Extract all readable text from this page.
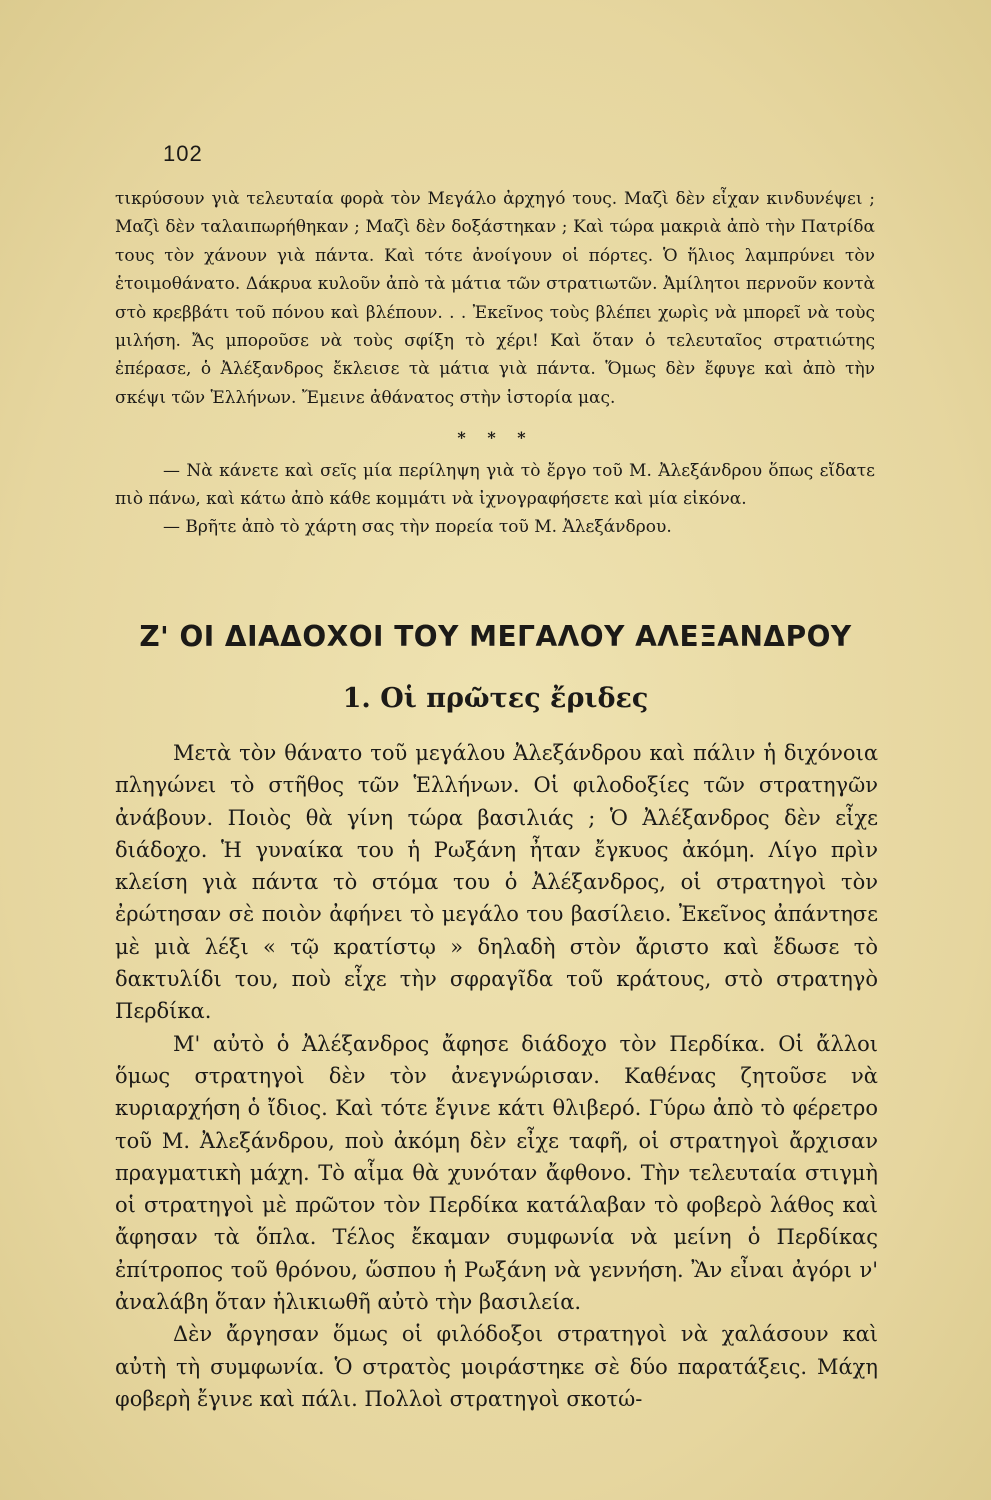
102

τικρύσουν γιὰ τελευταία φορὰ τὸν Μεγάλο ἀρχηγό τους. Μαζὶ δὲν εἶχαν κινδυνέψει ; Μαζὶ δὲν ταλαιπωρήθηκαν ; Μαζὶ δὲν δοξάστηκαν ; Καὶ τώρα μακριὰ ἀπὸ τὴν Πατρίδα τους τὸν χάνουν γιὰ πάντα. Καὶ τότε ἀνοίγουν οἱ πόρτες. Ὁ ἥλιος λαμπρύνει τὸν ἑτοιμοθάνατο. Δάκρυα κυλοῦν ἀπὸ τὰ μάτια τῶν στρατιωτῶν. Ἀμίλητοι περνοῦν κοντὰ στὸ κρεββάτι τοῦ πόνου καὶ βλέπουν. . . Ἐκεῖνος τοὺς βλέπει χωρὶς νὰ μπορεῖ νὰ τοὺς μιλήση. Ἄς μποροῦσε νὰ τοὺς σφίξη τὸ χέρι! Καὶ ὅταν ὁ τελευταῖος στρατιώτης ἐπέρασε, ὁ Ἀλέξανδρος ἔκλεισε τὰ μάτια γιὰ πάντα. Ὅμως δὲν ἔφυγε καὶ ἀπὸ τὴν σκέψι τῶν Ἑλλήνων. Ἔμεινε ἀθάνατος στὴν ἱστορία μας.

* * *

— Νὰ κάνετε καὶ σεῖς μία περίληψη γιὰ τὸ ἔργο τοῦ Μ. Ἀλεξάνδρου ὅπως εἴδατε πιὸ πάνω, καὶ κάτω ἀπὸ κάθε κομμάτι νὰ ἰχνογραφήσετε καὶ μία εἰκόνα.

— Βρῆτε ἀπὸ τὸ χάρτη σας τὴν πορεία τοῦ Μ. Ἀλεξάνδρου.

Ζ' ΟΙ ΔΙΑΔΟΧΟΙ ΤΟΥ ΜΕΓΑΛΟΥ ΑΛΕΞΑΝΔΡΟΥ
1. Οἱ πρῶτες ἔριδες

Μετὰ τὸν θάνατο τοῦ μεγάλου Ἀλεξάνδρου καὶ πάλιν ἡ διχόνοια πληγώνει τὸ στῆθος τῶν Ἑλλήνων. Οἱ φιλοδοξίες τῶν στρατηγῶν ἀνάβουν. Ποιὸς θὰ γίνη τώρα βασιλιάς ; Ὁ Ἀλέξανδρος δὲν εἶχε διάδοχο. Ἡ γυναίκα του ἡ Ρωξάνη ἦταν ἔγκυος ἀκόμη. Λίγο πρὶν κλείση γιὰ πάντα τὸ στόμα του ὁ Ἀλέξανδρος, οἱ στρατηγοὶ τὸν ἐρώτησαν σὲ ποιὸν ἀφήνει τὸ μεγάλο του βασίλειο. Ἐκεῖνος ἀπάντησε μὲ μιὰ λέξι « τῷ κρατίστῳ » δηλαδὴ στὸν ἄριστο καὶ ἔδωσε τὸ δακτυλίδι του, ποὺ εἶχε τὴν σφραγῖδα τοῦ κράτους, στὸ στρατηγὸ Περδίκα.

Μ' αὐτὸ ὁ Ἀλέξανδρος ἄφησε διάδοχο τὸν Περδίκα. Οἱ ἄλλοι ὅμως στρατηγοὶ δὲν τὸν ἀνεγνώρισαν. Καθένας ζητοῦσε νὰ κυριαρχήση ὁ ἴδιος. Καὶ τότε ἔγινε κάτι θλιβερό. Γύρω ἀπὸ τὸ φέρετρο τοῦ Μ. Ἀλεξάνδρου, ποὺ ἀκόμη δὲν εἶχε ταφῆ, οἱ στρατηγοὶ ἄρχισαν πραγματικὴ μάχη. Τὸ αἷμα θὰ χυνόταν ἄφθονο. Τὴν τελευταία στιγμὴ οἱ στρατηγοὶ μὲ πρῶτον τὸν Περδίκα κατάλαβαν τὸ φοβερὸ λάθος καὶ ἄφησαν τὰ ὅπλα. Τέλος ἔκαμαν συμφωνία νὰ μείνη ὁ Περδίκας ἐπίτροπος τοῦ θρόνου, ὥσπου ἡ Ρωξάνη νὰ γεννήση. Ἂν εἶναι ἀγόρι ν' ἀναλάβη ὅταν ἡλικιωθῆ αὐτὸ τὴν βασιλεία.

Δὲν ἄργησαν ὅμως οἱ φιλόδοξοι στρατηγοὶ νὰ χαλάσουν καὶ αὐτὴ τὴ συμφωνία. Ὁ στρατὸς μοιράστηκε σὲ δύο παρατάξεις. Μάχη φοβερὴ ἔγινε καὶ πάλι. Πολλοὶ στρατηγοὶ σκοτώ-
